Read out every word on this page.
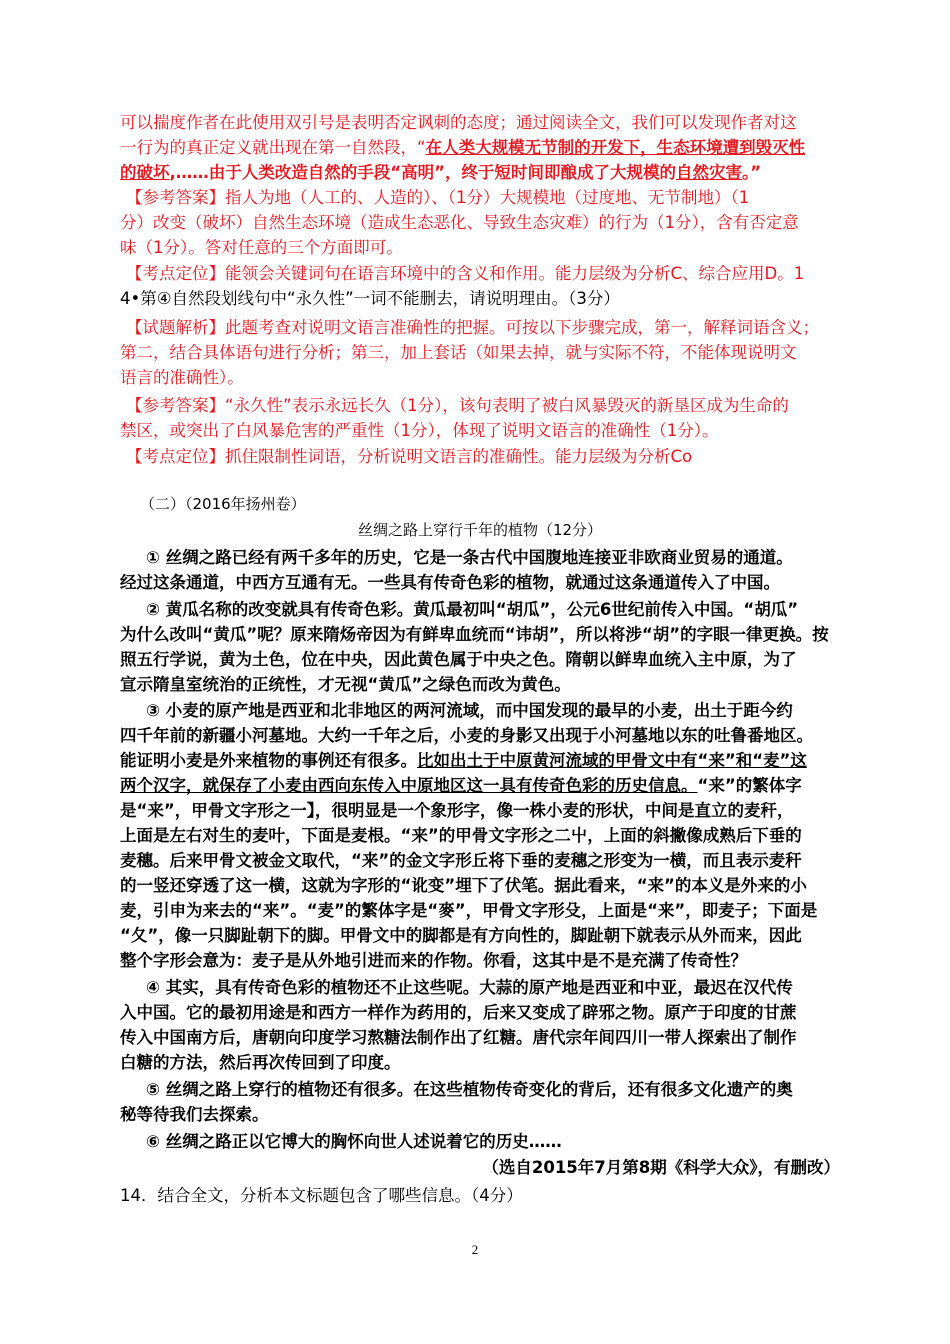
可以揣度作者在此使用双引号是表明否定讽刺的态度；通过阅读全文，我们可以发现作者对这
一行为的真正定义就出现在第一自然段，“在人类大规模无节制的开发下，生态环境遭到毁灭性
的破坏,……由于人类改造自然的手段“高明”，终于短时间即酿成了大规模的自然灾害。”
【参考答案】指人为地（人工的、人造的）、（1分）大规模地（过度地、无节制地）（1
分）改变（破坏）自然生态环境（造成生态恶化、导致生态灾难）的行为（1分），含有否定意
味（1分）。答对任意的三个方面即可。
【考点定位】能领会关键词句在语言环境中的含义和作用。能力层级为分析C、综合应用D。1
4•第④自然段划线句中“永久性”一词不能删去，请说明理由。（3分）
【试题解析】此题考查对说明文语言准确性的把握。可按以下步骤完成，第一，解释词语含义；
第二，结合具体语句进行分析；第三，加上套话（如果去掉，就与实际不符，不能体现说明文
语言的准确性）。
【参考答案】“永久性”表示永远长久（1分），该句表明了被白风暴毁灭的新垦区成为生命的
禁区，或突出了白风暴危害的严重性（1分），体现了说明文语言的准确性（1分）。
【考点定位】抓住限制性词语，分析说明文语言的准确性。能力层级为分析Co
（二）（2016年扬州卷）
丝绸之路上穿行千年的植物（12分）
① 丝绸之路已经有两千多年的历史，它是一条古代中国腹地连接亚非欧商业贸易的通道。
经过这条通道，中西方互通有无。一些具有传奇色彩的植物，就通过这条通道传入了中国。
② 黄瓜名称的改变就具有传奇色彩。黄瓜最初叫“胡瓜”，公元6世纪前传入中国。“胡瓜”
为什么改叫“黄瓜”呢？原来隋炀帝因为有鲜卑血统而“讳胡”，所以将涉“胡”的字眼一律更换。按
照五行学说，黄为土色，位在中央，因此黄色属于中央之色。隋朝以鲜卑血统入主中原，为了
宣示隋皇室统治的正统性，才无视“黄瓜”之绿色而改为黄色。
③ 小麦的原产地是西亚和北非地区的两河流域，而中国发现的最早的小麦，出土于距今约
四千年前的新疆小河墓地。大约一千年之后，小麦的身影又出现于小河墓地以东的吐鲁番地区。
能证明小麦是外来植物的事例还有很多。比如出土于中原黄河流域的甲骨文中有“来”和“麦”这
两个汉字，就保存了小麦由西向东传入中原地区这一具有传奇色彩的历史信息。“来”的繁体字
是“来”，甲骨文字形之一】，很明显是一个象形字，像一株小麦的形状，中间是直立的麦秆，
上面是左右对生的麦叶，下面是麦根。“来”的甲骨文字形之二屮，上面的斜撇像成熟后下垂的
麦穗。后来甲骨文被金文取代，“来”的金文字形丘将下垂的麦穗之形变为一横，而且表示麦秆
的一竖还穿透了这一横，这就为字形的“讹变”埋下了伏笔。据此看来，“来”的本义是外来的小
麦，引申为来去的“来”。“麦”的繁体字是“麥”，甲骨文字形殳，上面是“来”，即麦子；下面是
“夂”，像一只脚趾朝下的脚。甲骨文中的脚都是有方向性的，脚趾朝下就表示从外而来，因此
整个字形会意为：麦子是从外地引进而来的作物。你看，这其中是不是充满了传奇性？
④ 其实，具有传奇色彩的植物还不止这些呢。大蒜的原产地是西亚和中亚，最迟在汉代传
入中国。它的最初用途是和西方一样作为药用的，后来又变成了辟邪之物。原产于印度的甘蔗
传入中国南方后，唐朝向印度学习熬糖法制作出了红糖。唐代宗年间四川一带人探索出了制作
白糖的方法，然后再次传回到了印度。
⑤ 丝绸之路上穿行的植物还有很多。在这些植物传奇变化的背后，还有很多文化遗产的奥
秘等待我们去探索。
⑥ 丝绸之路正以它博大的胸怀向世人述说着它的历史……
（选自2015年7月第8期《科学大众》，有删改）
14．结合全文，分析本文标题包含了哪些信息。（4分）
2
